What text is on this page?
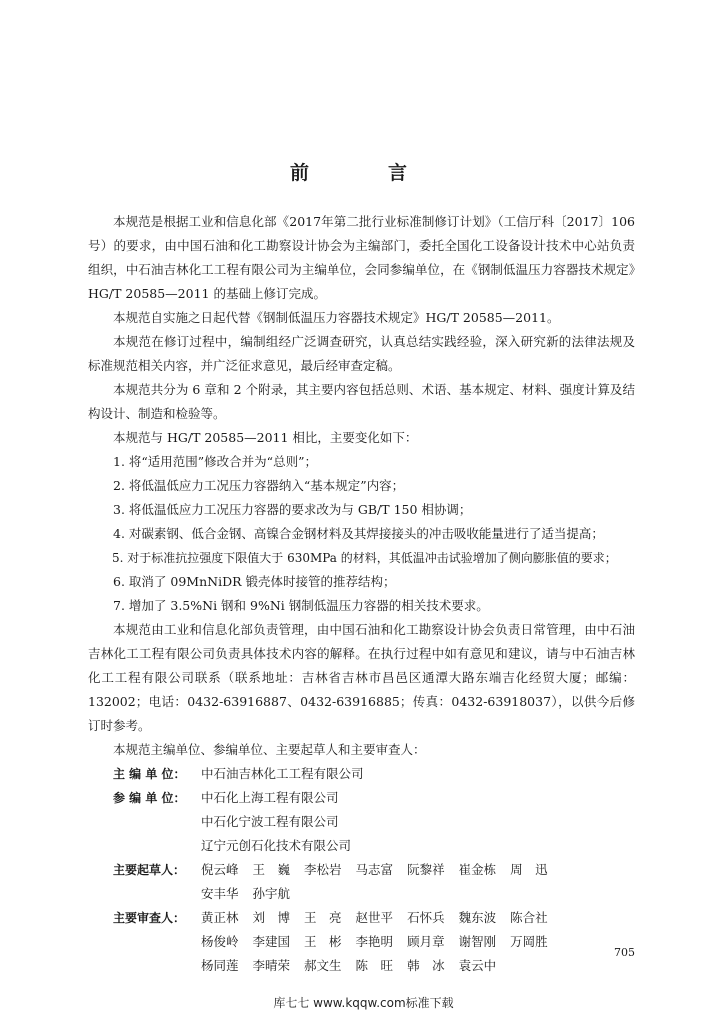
前　言

本规范是根据工业和信息化部《2017年第二批行业标准制修订计划》（工信厅科〔2017〕106号）的要求，由中国石油和化工勘察设计协会为主编部门，委托全国化工设备设计技术中心站负责组织，中石油吉林化工工程有限公司为主编单位，会同参编单位，在《钢制低温压力容器技术规定》HG/T 20585—2011 的基础上修订完成。

本规范自实施之日起代替《钢制低温压力容器技术规定》HG/T 20585—2011。

本规范在修订过程中，编制组经广泛调查研究，认真总结实践经验，深入研究新的法律法规及标准规范相关内容，并广泛征求意见，最后经审查定稿。

本规范共分为 6 章和 2 个附录，其主要内容包括总则、术语、基本规定、材料、强度计算及结构设计、制造和检验等。

本规范与 HG/T 20585—2011 相比，主要变化如下：

1. 将“适用范围”修改合并为“总则”；

2. 将低温低应力工况压力容器纳入“基本规定”内容；

3. 将低温低应力工况压力容器的要求改为与 GB/T 150 相协调；

4. 对碳素钢、低合金钢、高镍合金钢材料及其焊接接头的冲击吸收能量进行了适当提高；

5. 对于标准抗拉强度下限值大于 630MPa 的材料，其低温冲击试验增加了侧向膨胀值的要求；

6. 取消了 09MnNiDR 锻壳体时接管的推荐结构；

7. 增加了 3.5%Ni 钢和 9%Ni 钢制低温压力容器的相关技术要求。

本规范由工业和信息化部负责管理，由中国石油和化工勘察设计协会负责日常管理，由中石油吉林化工工程有限公司负责具体技术内容的解释。在执行过程中如有意见和建议，请与中石油吉林化工工程有限公司联系（联系地址：吉林省吉林市昌邑区通潭大路东端吉化经贸大厦；邮编：132002；电话：0432-63916887、0432-63916885；传真：0432-63918037），以供今后修订时参考。

本规范主编单位、参编单位、主要起草人和主要审查人：

主 编 单 位：	中石油吉林化工工程有限公司
参 编 单 位：	中石化上海工程有限公司
中石化宁波工程有限公司
辽宁元创石化技术有限公司
主要起草人：	倪云峰 王　巍 李松岩 马志富 阮黎祥 崔金栋 周　迅
安丰华 孙宇航
主要审查人：	黄正林 刘　博 王　亮 赵世平 石怀兵 魏东波 陈合社
杨俊岭 李建国 王　彬 李艳明 顾月章 谢智刚 万岡胜
杨同莲 李晴荣 郝文生 陈　旺 韩　冰 袁云中
705
库七七 www.kqqw.com标准下载
